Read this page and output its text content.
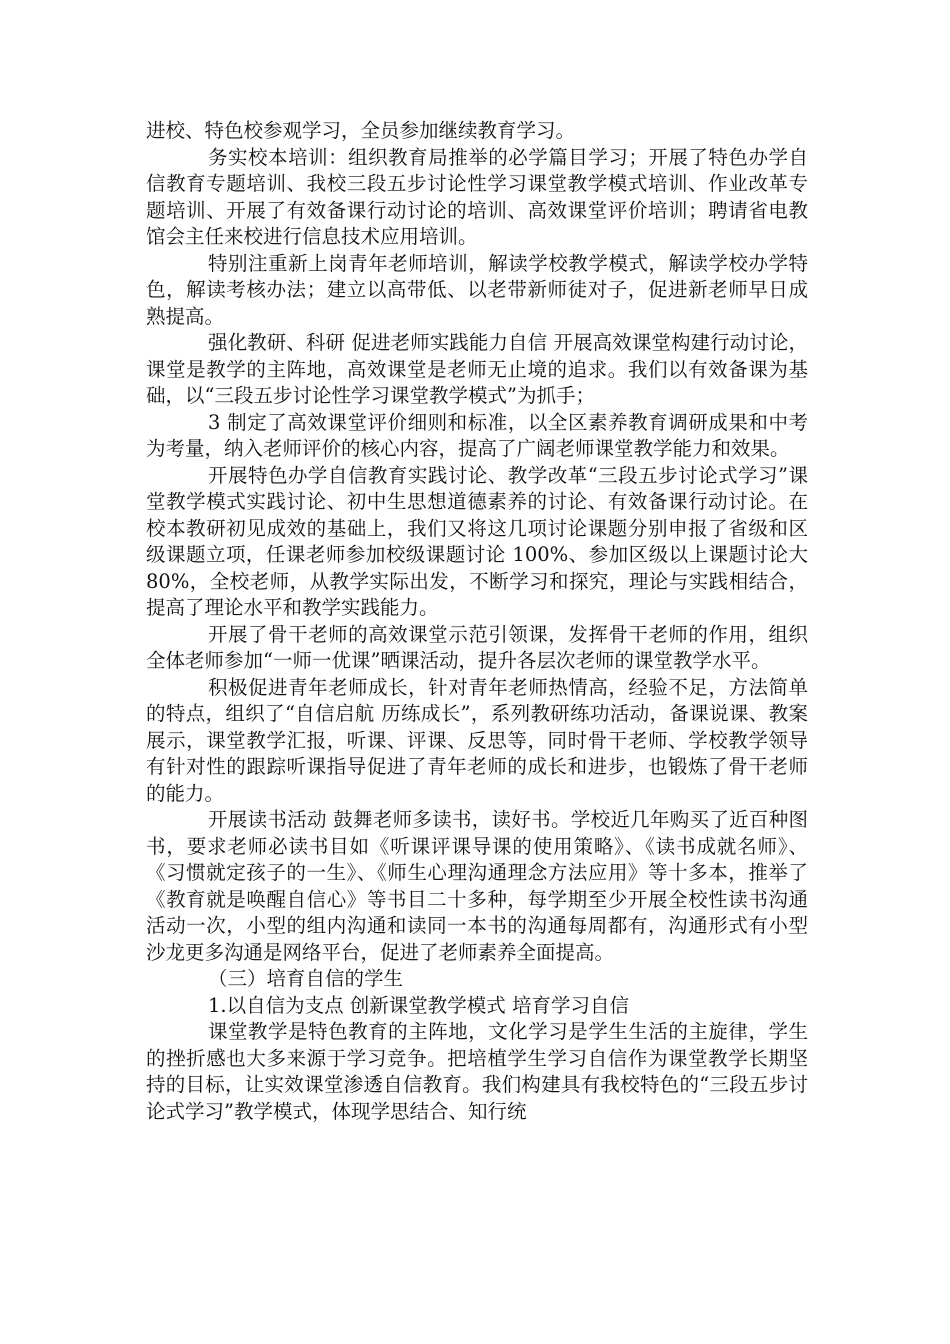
进校、特色校参观学习，全员参加继续教育学习。

务实校本培训：组织教育局推举的必学篇目学习；开展了特色办学自信教育专题培训、我校三段五步讨论性学习课堂教学模式培训、作业改革专题培训、开展了有效备课行动讨论的培训、高效课堂评价培训；聘请省电教馆会主任来校进行信息技术应用培训。

特别注重新上岗青年老师培训，解读学校教学模式，解读学校办学特色，解读考核办法；建立以高带低、以老带新师徒对子，促进新老师早日成熟提高。

强化教研、科研 促进老师实践能力自信 开展高效课堂构建行动讨论，课堂是教学的主阵地，高效课堂是老师无止境的追求。我们以有效备课为基础，以“三段五步讨论性学习课堂教学模式”为抓手；

3 制定了高效课堂评价细则和标准，以全区素养教育调研成果和中考为考量，纳入老师评价的核心内容，提高了广阔老师课堂教学能力和效果。

开展特色办学自信教育实践讨论、教学改革“三段五步讨论式学习”课堂教学模式实践讨论、初中生思想道德素养的讨论、有效备课行动讨论。在校本教研初见成效的基础上，我们又将这几项讨论课题分别申报了省级和区级课题立项，任课老师参加校级课题讨论 100%、参加区级以上课题讨论大 80%，全校老师，从教学实际出发，不断学习和探究，理论与实践相结合，提高了理论水平和教学实践能力。

开展了骨干老师的高效课堂示范引领课，发挥骨干老师的作用，组织全体老师参加“一师一优课”晒课活动，提升各层次老师的课堂教学水平。

积极促进青年老师成长，针对青年老师热情高，经验不足，方法简单的特点，组织了“自信启航 历练成长”，系列教研练功活动，备课说课、教案展示，课堂教学汇报，听课、评课、反思等，同时骨干老师、学校教学领导有针对性的跟踪听课指导促进了青年老师的成长和进步，也锻炼了骨干老师的能力。

开展读书活动 鼓舞老师多读书，读好书。学校近几年购买了近百种图书，要求老师必读书目如《听课评课导课的使用策略》、《读书成就名师》、《习惯就定孩子的一生》、《师生心理沟通理念方法应用》等十多本，推举了《教育就是唤醒自信心》等书目二十多种，每学期至少开展全校性读书沟通活动一次，小型的组内沟通和读同一本书的沟通每周都有，沟通形式有小型沙龙更多沟通是网络平台，促进了老师素养全面提高。

（三）培育自信的学生

1.以自信为支点 创新课堂教学模式 培育学习自信

课堂教学是特色教育的主阵地，文化学习是学生生活的主旋律，学生的挫折感也大多来源于学习竞争。把培植学生学习自信作为课堂教学长期坚持的目标，让实效课堂渗透自信教育。我们构建具有我校特色的“三段五步讨论式学习”教学模式，体现学思结合、知行统
